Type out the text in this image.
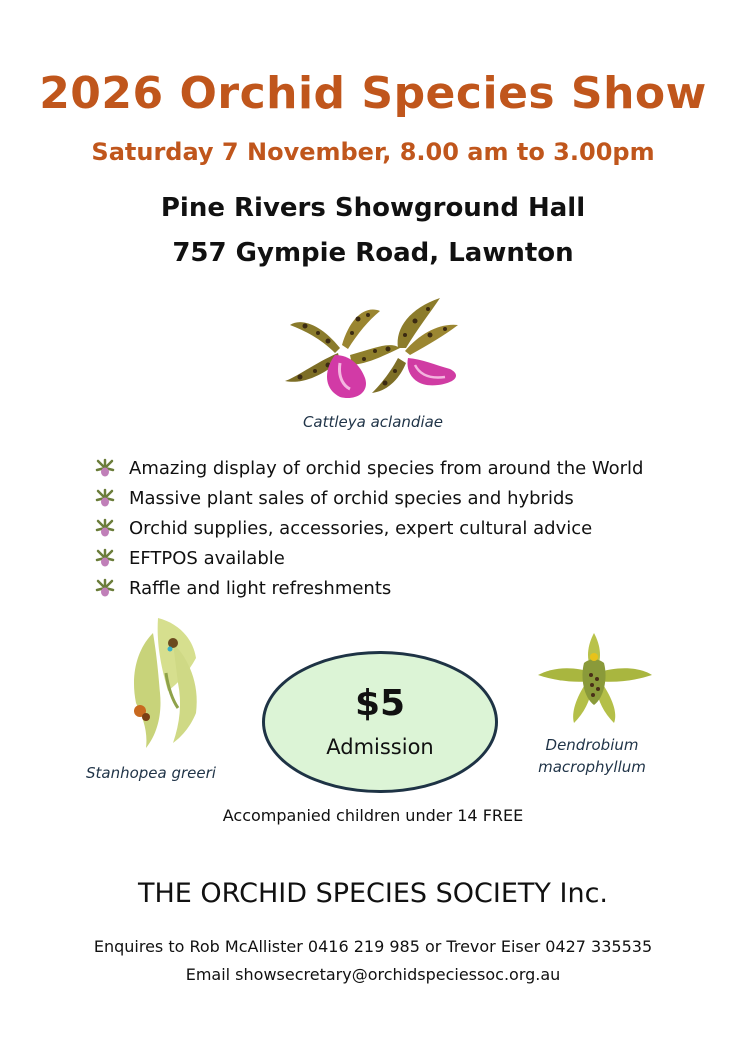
2026 Orchid Species Show
Saturday 7 November, 8.00 am to 3.00pm
Pine Rivers Showground Hall
757 Gympie Road, Lawnton
Cattleya aclandiae
Amazing display of orchid species from around the World
Massive plant sales of orchid species and hybrids
Orchid supplies, accessories, expert cultural advice
EFTPOS available
Raffle and light refreshments
Stanhopea greeri
$5
Admission	Dendrobium
macrophyllum
Accompanied children under 14 FREE
THE ORCHID SPECIES SOCIETY Inc.
Enquires to Rob McAllister 0416 219 985 or Trevor Eiser 0427 335535
Email showsecretary@orchidspeciessoc.org.au
